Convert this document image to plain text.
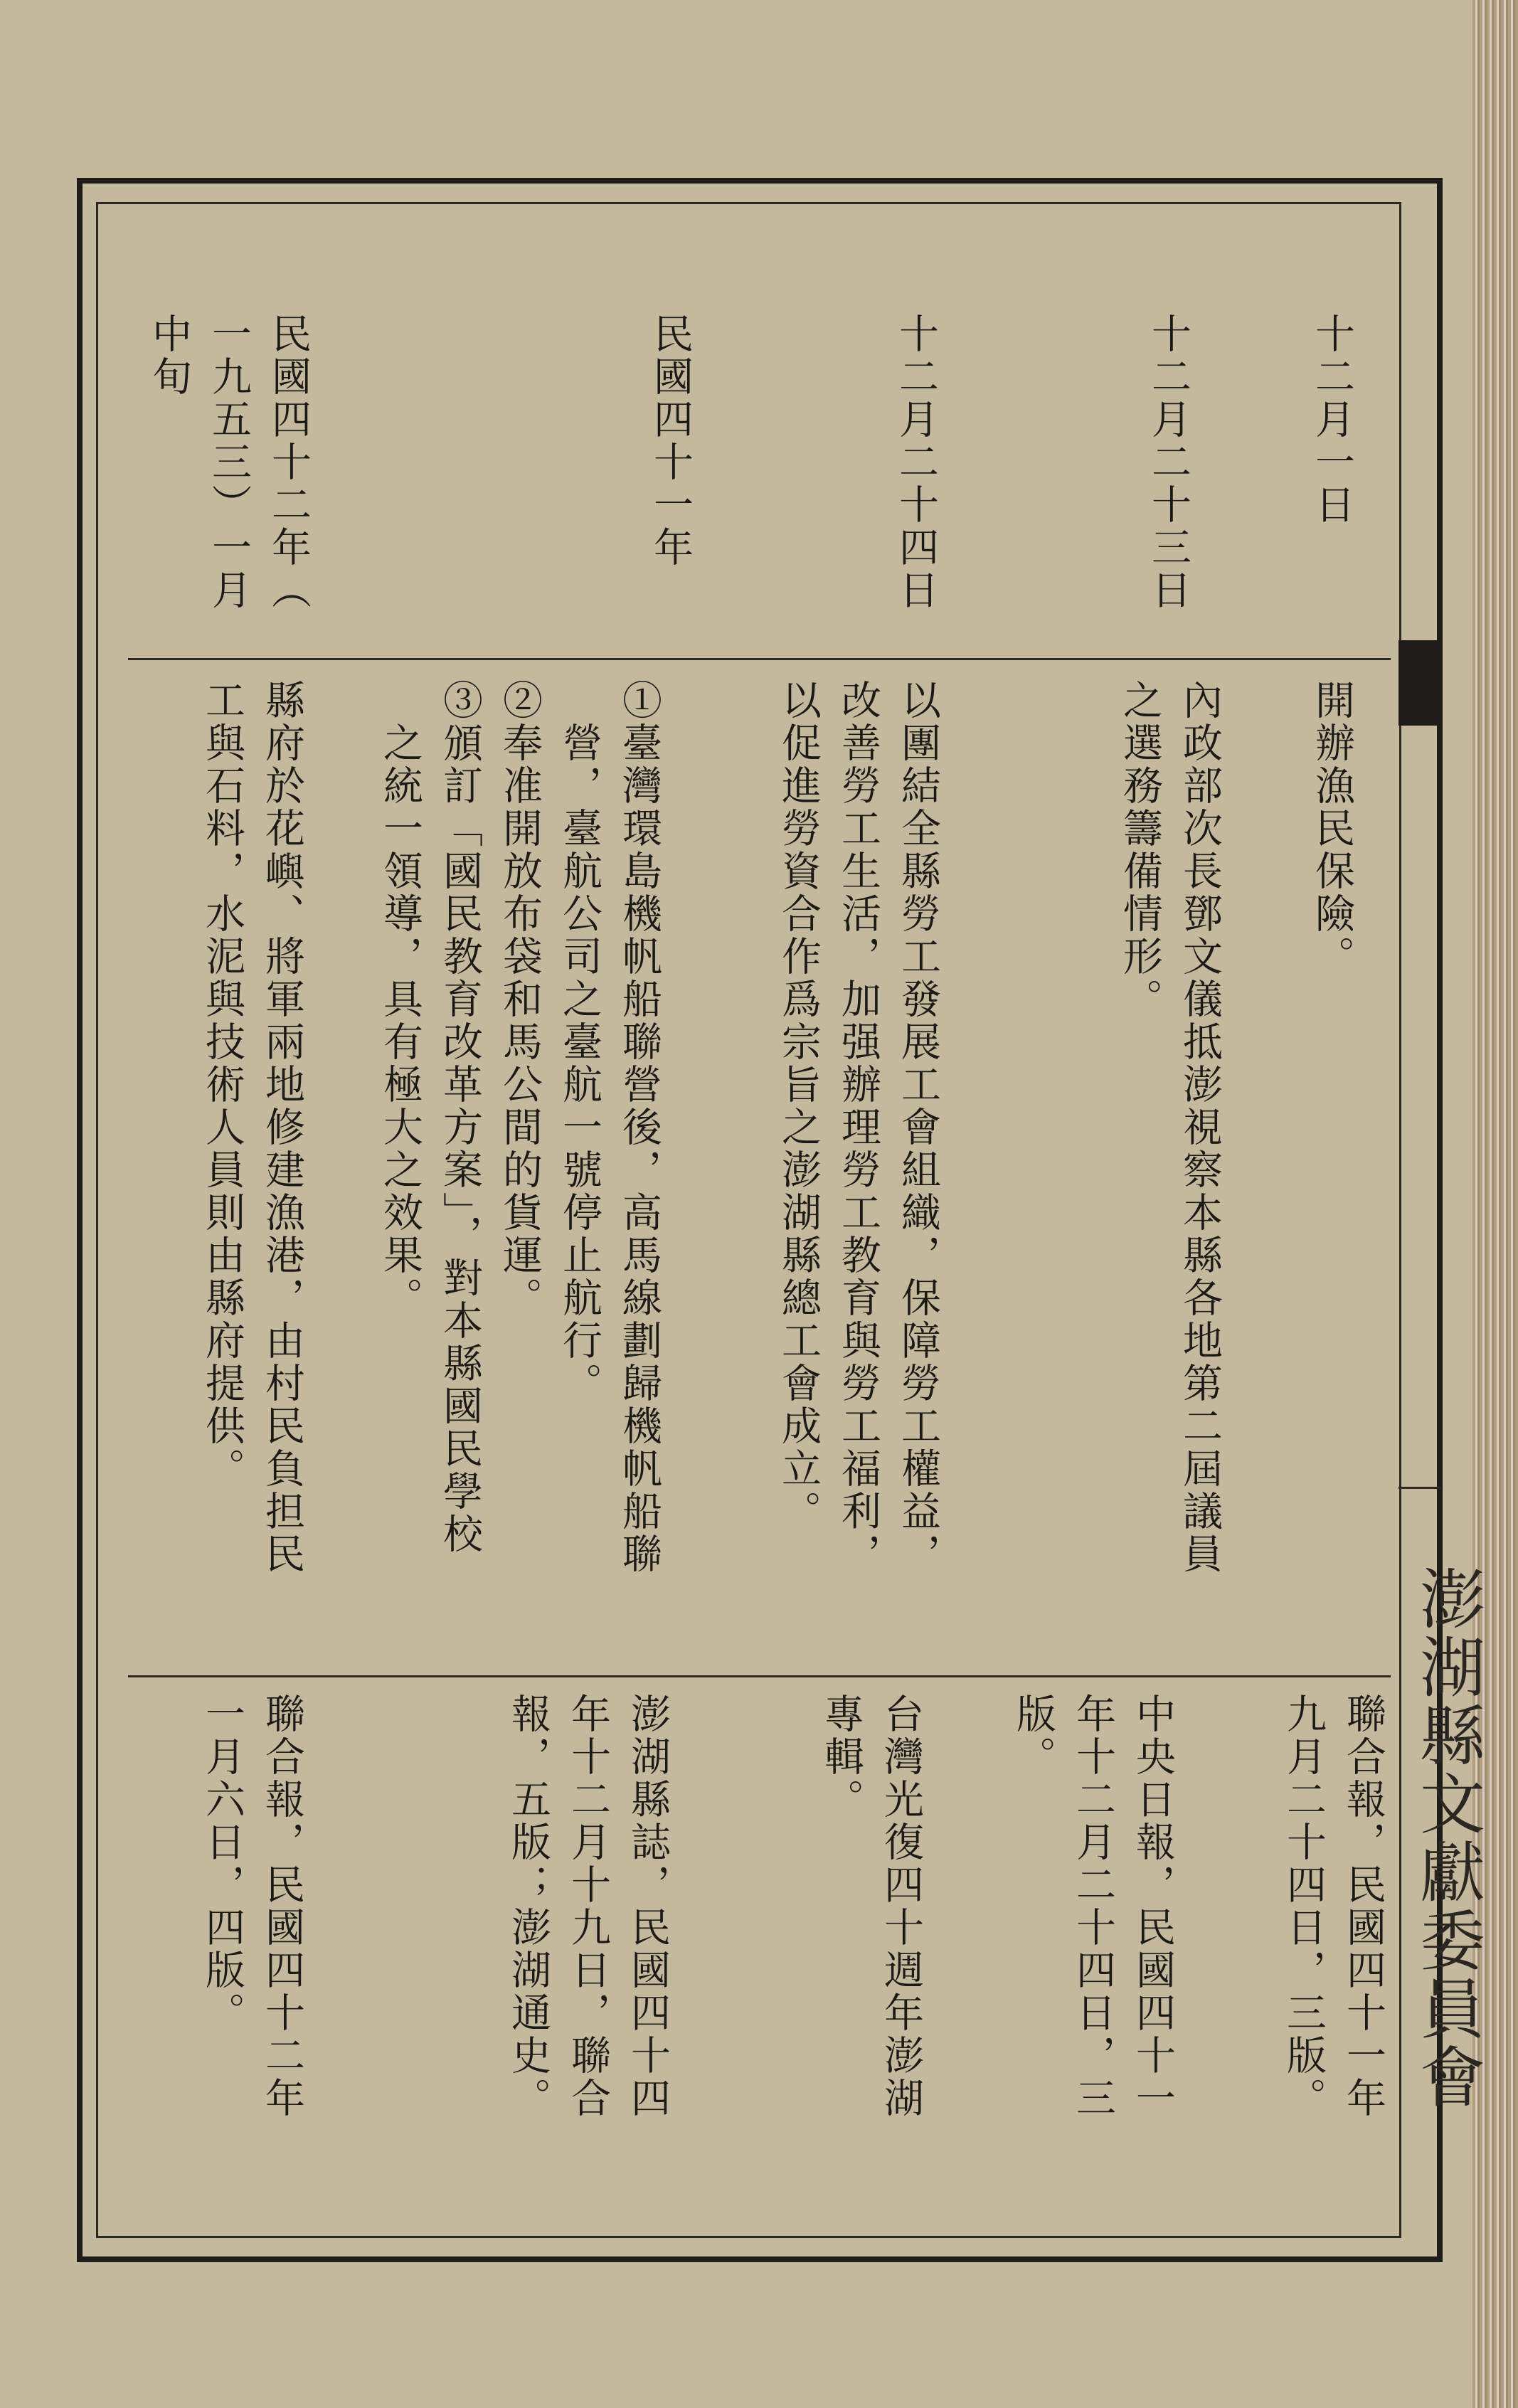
澎湖縣文獻委員會

十二月一日

開辦漁民保險。

聯合報，民國四十一年
九月二十四日，三版。

十二月二十三日

內政部次長鄧文儀抵澎視察本縣各地第二屆議員
之選務籌備情形。

中央日報，民國四十一
年十二月二十四日，三
版。

十二月二十四日

以團結全縣勞工發展工會組織，保障勞工權益，
改善勞工生活，加强辦理勞工教育與勞工福利，
以促進勞資合作爲宗旨之澎湖縣總工會成立。

台灣光復四十週年澎湖
專輯。

民國四十一年

①臺灣環島機帆船聯營後，高馬線劃歸機帆船聯
　營，臺航公司之臺航一號停止航行。
②奉准開放布袋和馬公間的貨運。
③頒訂「國民教育改革方案」，對本縣國民學校
　之統一領導，具有極大之效果。

澎湖縣誌，民國四十四
年十二月十九日，聯合
報，五版；澎湖通史。

民國四十二年（
一九五三）一月
中旬

縣府於花嶼、將軍兩地修建漁港，由村民負担民
工與石料，水泥與技術人員則由縣府提供。

聯合報，民國四十二年
一月六日，四版。
